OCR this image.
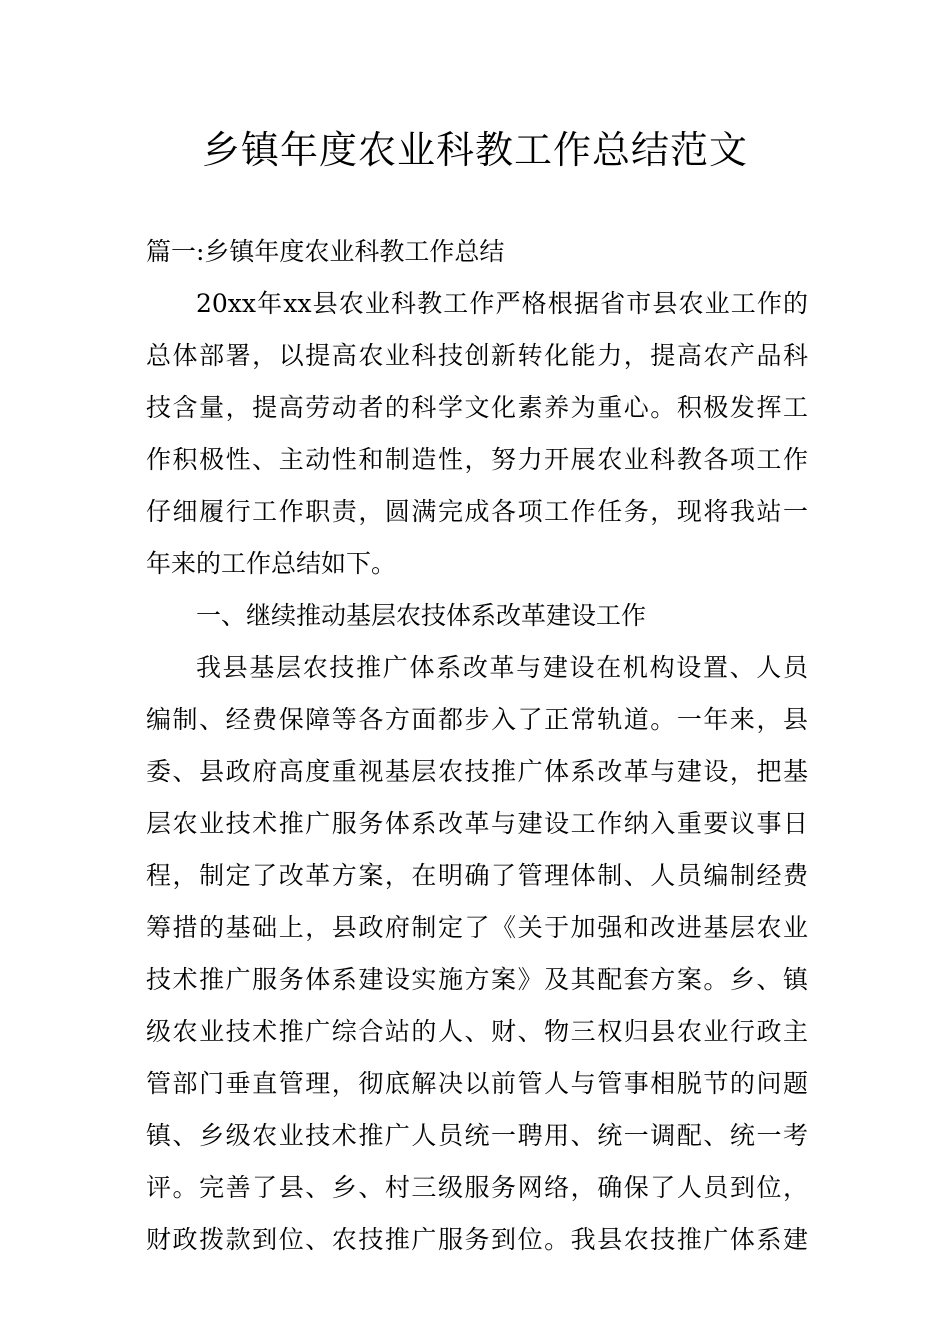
乡镇年度农业科教工作总结范文
篇一:乡镇年度农业科教工作总结
20xx年xx县农业科教工作严格根据省市县农业工作的
总体部署，以提高农业科技创新转化能力，提高农产品科
技含量，提高劳动者的科学文化素养为重心。积极发挥工
作积极性、主动性和制造性，努力开展农业科教各项工作
仔细履行工作职责，圆满完成各项工作任务，现将我站一
年来的工作总结如下。
一、继续推动基层农技体系改革建设工作
我县基层农技推广体系改革与建设在机构设置、人员
编制、经费保障等各方面都步入了正常轨道。一年来，县
委、县政府高度重视基层农技推广体系改革与建设，把基
层农业技术推广服务体系改革与建设工作纳入重要议事日
程，制定了改革方案，在明确了管理体制、人员编制经费
筹措的基础上，县政府制定了《关于加强和改进基层农业
技术推广服务体系建设实施方案》及其配套方案。乡、镇
级农业技术推广综合站的人、财、物三权归县农业行政主
管部门垂直管理，彻底解决以前管人与管事相脱节的问题
镇、乡级农业技术推广人员统一聘用、统一调配、统一考
评。完善了县、乡、村三级服务网络，确保了人员到位，
财政拨款到位、农技推广服务到位。我县农技推广体系建
